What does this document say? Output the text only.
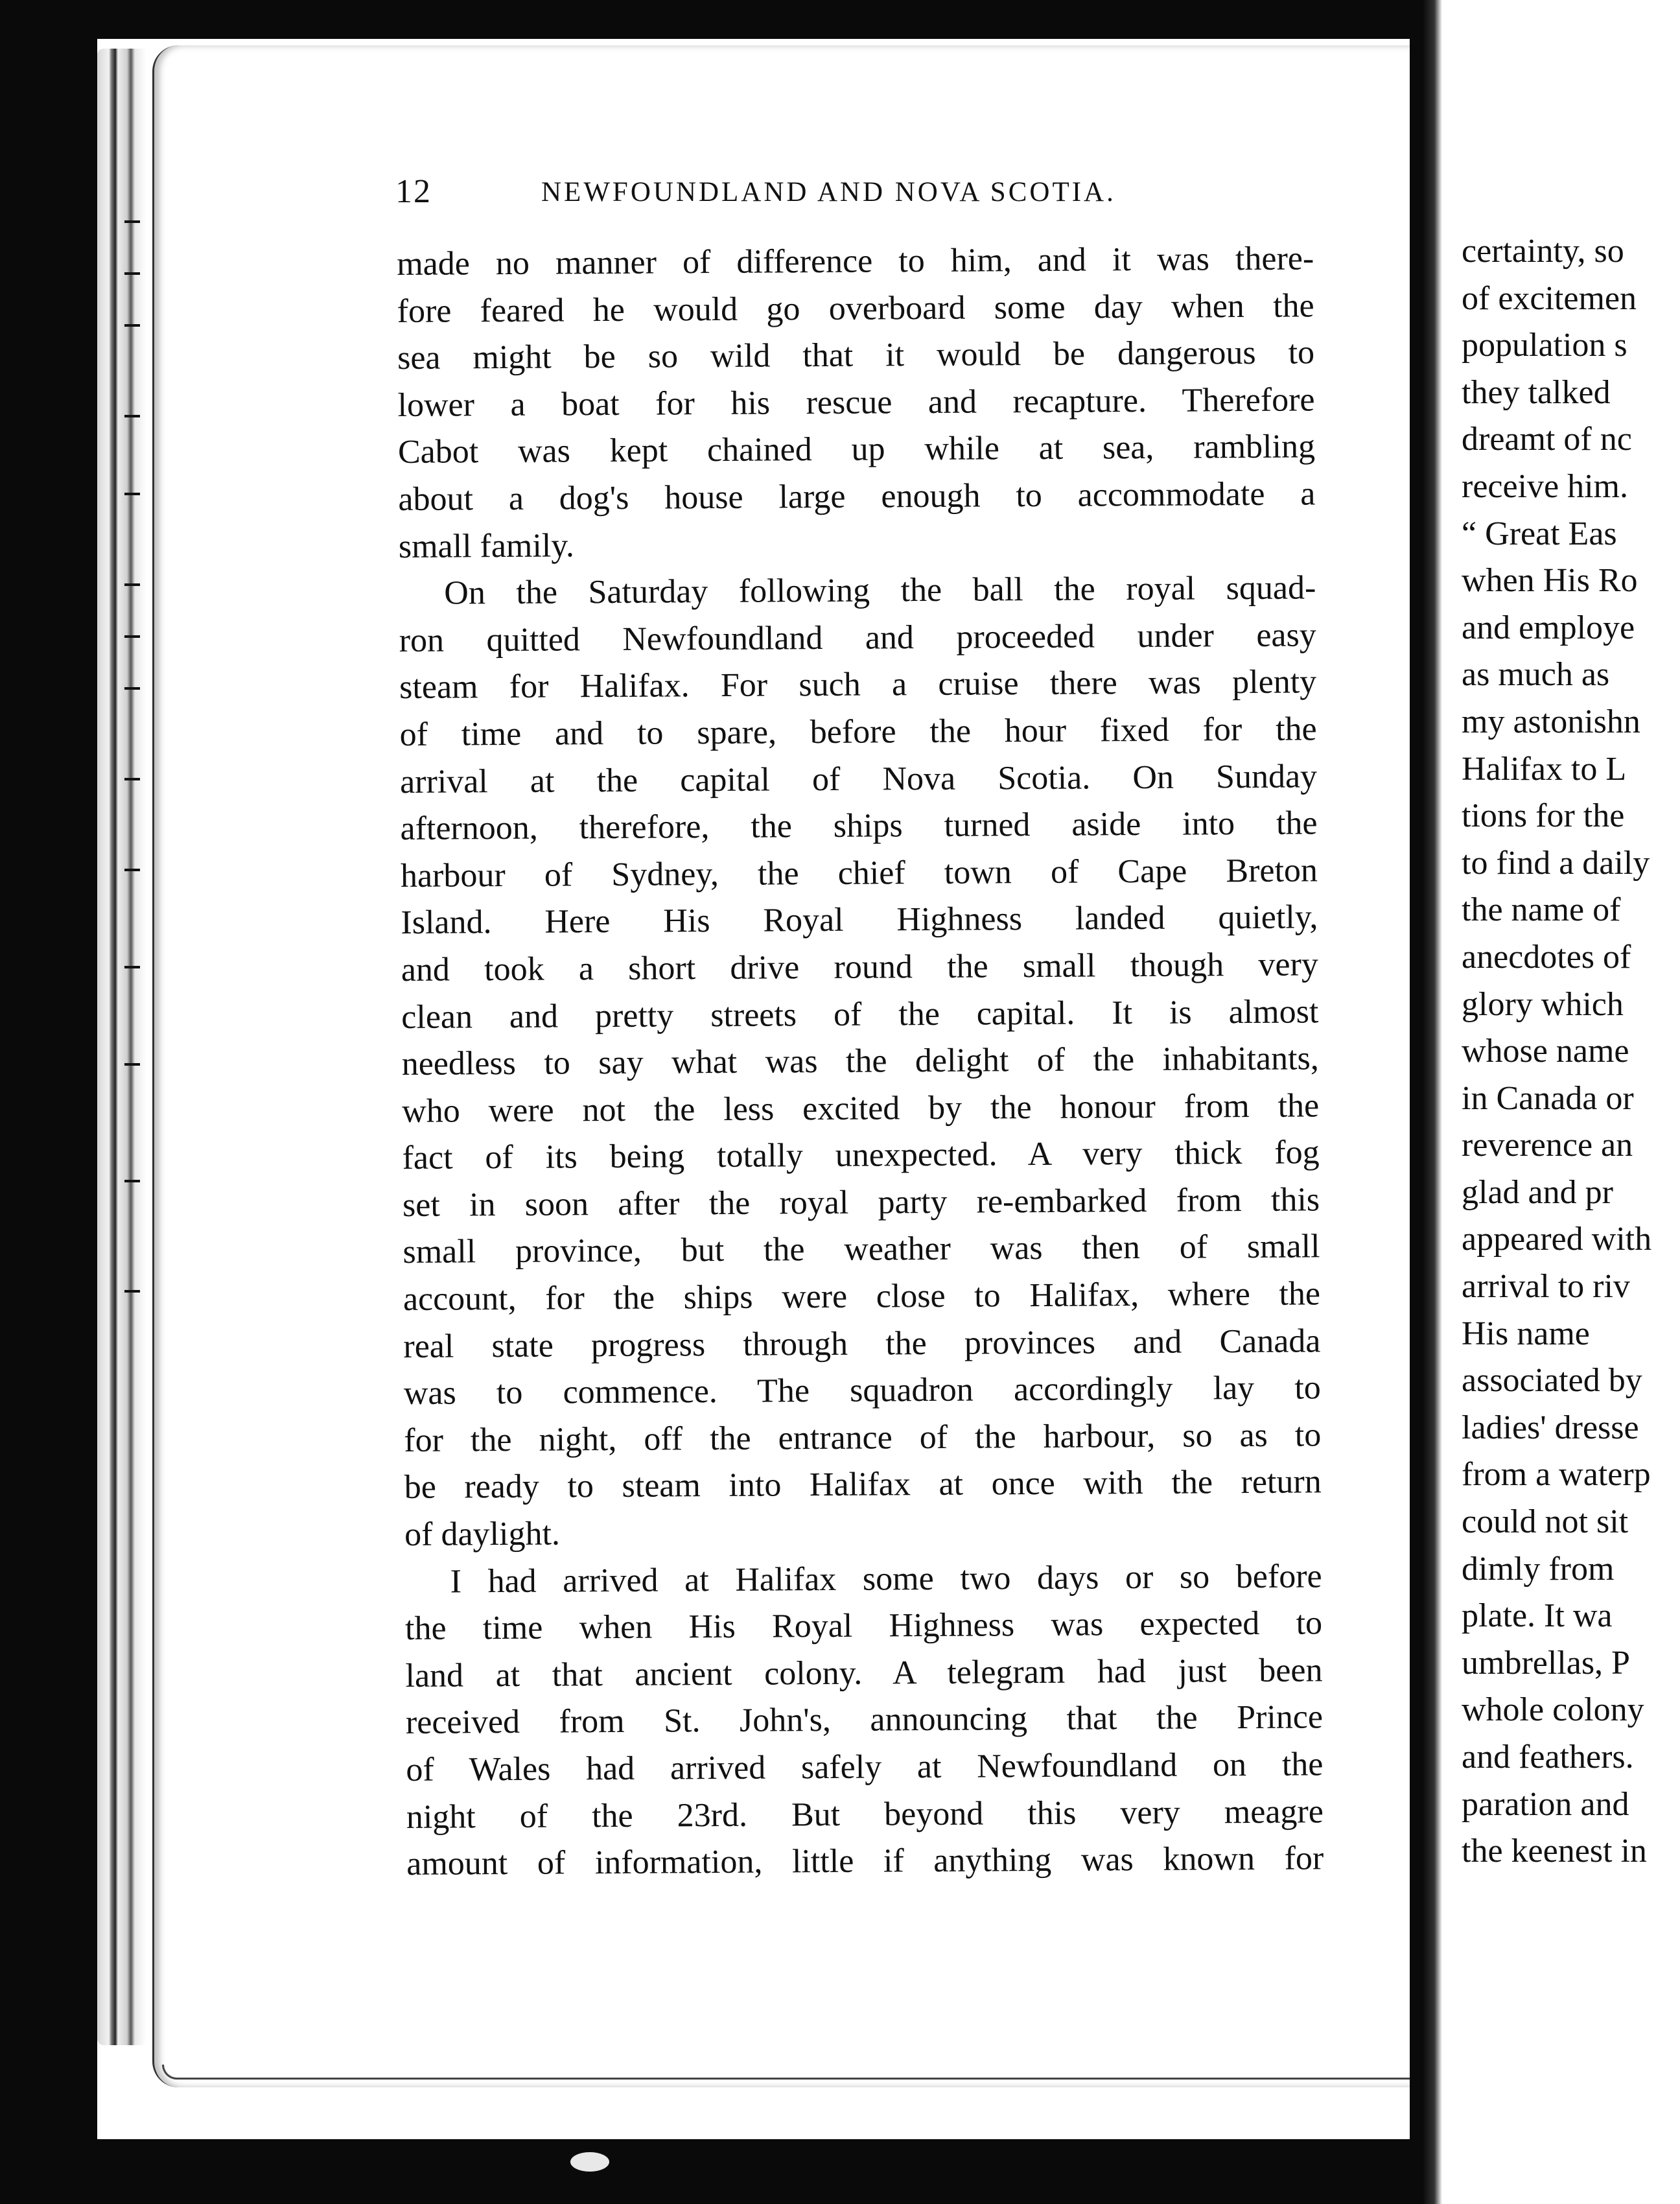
12	NEWFOUNDLAND AND NOVA SCOTIA.
made no manner of difference to him, and it was there-
fore feared he would go overboard some day when the
sea might be so wild that it would be dangerous to
lower a boat for his rescue and recapture. Therefore
Cabot was kept chained up while at sea, rambling
about a dog's house large enough to accommodate a
small family.
On the Saturday following the ball the royal squad-
ron quitted Newfoundland and proceeded under easy
steam for Halifax. For such a cruise there was plenty
of time and to spare, before the hour fixed for the
arrival at the capital of Nova Scotia. On Sunday
afternoon, therefore, the ships turned aside into the
harbour of Sydney, the chief town of Cape Breton
Island. Here His Royal Highness landed quietly,
and took a short drive round the small though very
clean and pretty streets of the capital. It is almost
needless to say what was the delight of the inhabitants,
who were not the less excited by the honour from the
fact of its being totally unexpected. A very thick fog
set in soon after the royal party re-embarked from this
small province, but the weather was then of small
account, for the ships were close to Halifax, where the
real state progress through the provinces and Canada
was to commence. The squadron accordingly lay to
for the night, off the entrance of the harbour, so as to
be ready to steam into Halifax at once with the return
of daylight.
I had arrived at Halifax some two days or so before
the time when His Royal Highness was expected to
land at that ancient colony. A telegram had just been
received from St. John's, announcing that the Prince
of Wales had arrived safely at Newfoundland on the
night of the 23rd. But beyond this very meagre
amount of information, little if anything was known for
certainty, so
of excitemen
population s
they talked
dreamt of nc
receive him.
“ Great Eas
when His Ro
and employe
as much as
my astonishn
Halifax to L
tions for the
to find a daily
the name of
anecdotes of
glory which
whose name
in Canada or
reverence an
glad and pr
appeared with
arrival to riv
His name
associated by
ladies' dresse
from a waterp
could not sit
dimly from
plate. It wa
umbrellas, P
whole colony
and feathers.
paration and
the keenest in
